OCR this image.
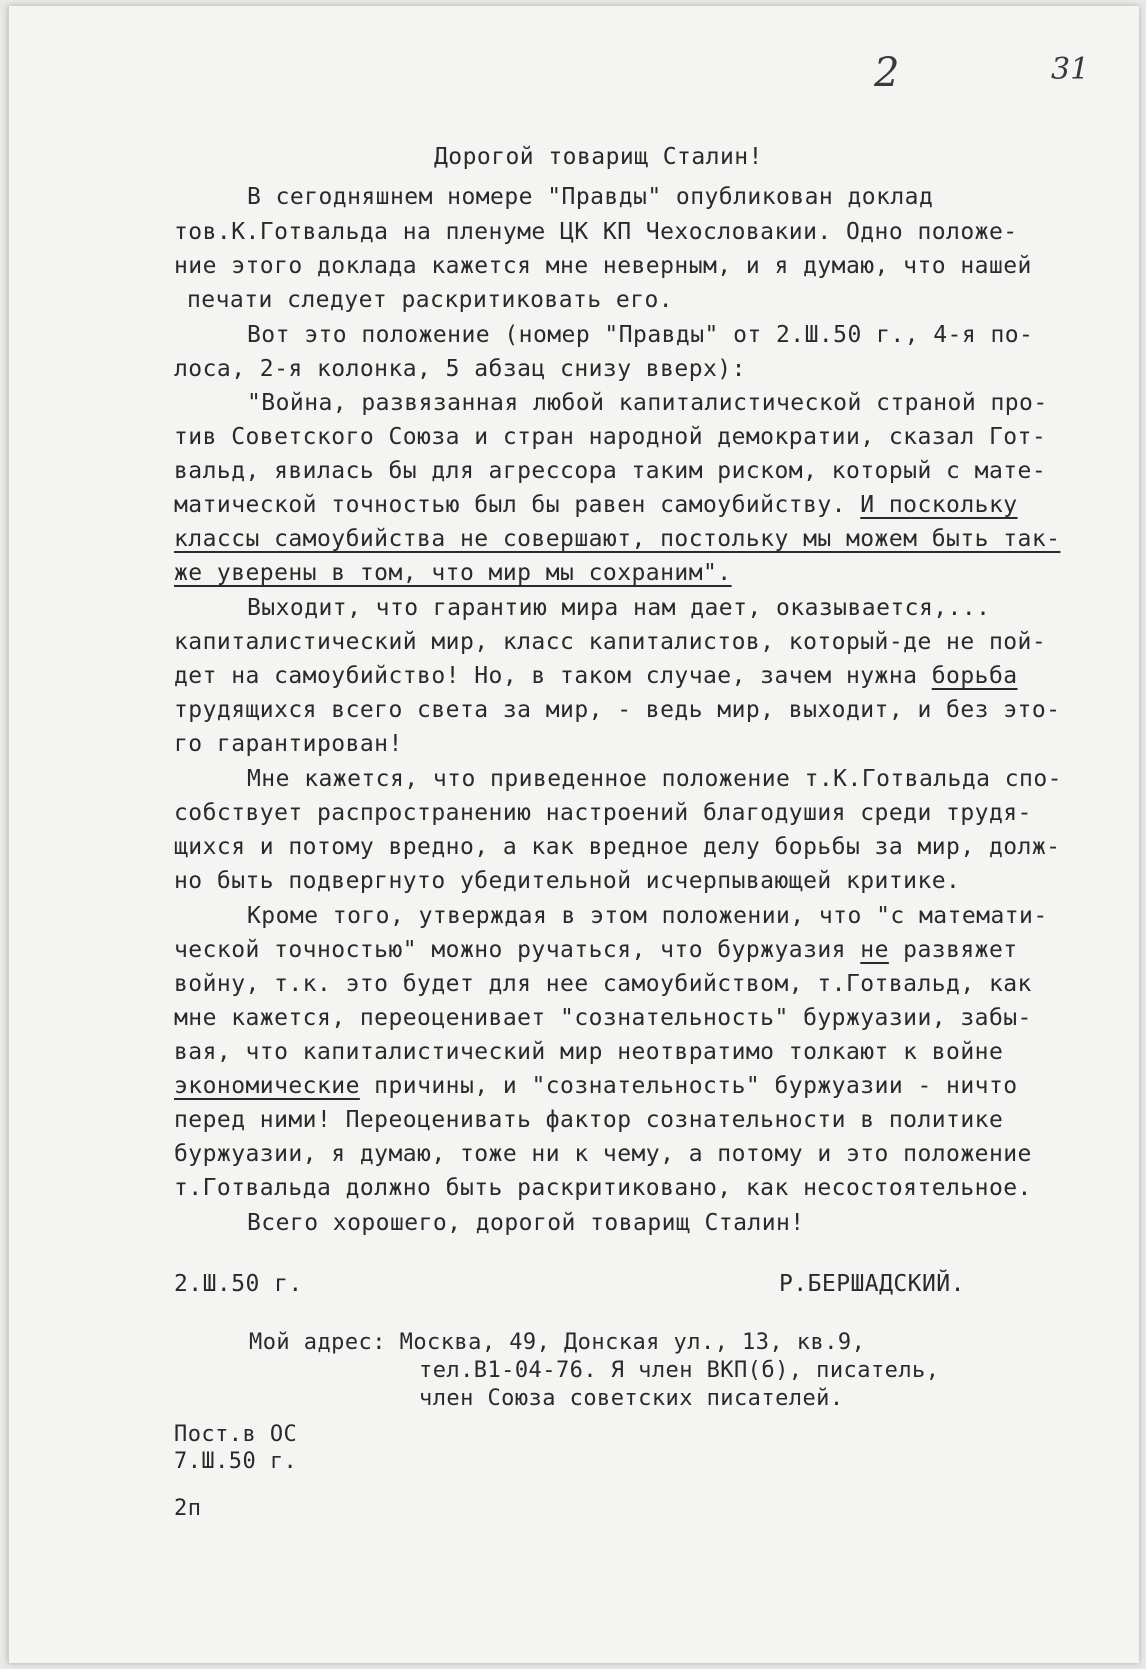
2	31
Дорогой товарищ Сталин!
В сегодняшнем номере "Правды" опубликован доклад
тов.К.Готвальда на пленуме ЦК КП Чехословакии. Одно положе-
ние этого доклада кажется мне неверным, и я думаю, что нашей
печати следует раскритиковать его.
Вот это положение (номер "Правды" от 2.Ш.50 г., 4-я по-
лоса, 2-я колонка, 5 абзац снизу вверх):
"Война, развязанная любой капиталистической страной про-
тив Советского Союза и стран народной демократии, сказал Гот-
вальд, явилась бы для агрессора таким риском, который с мате-
матической точностью был бы равен самоубийству. И поскольку
классы самоубийства не совершают, постольку мы можем быть так-
же уверены в том, что мир мы сохраним".
Выходит, что гарантию мира нам дает, оказывается,...
капиталистический мир, класс капиталистов, который-де не пой-
дет на самоубийство! Но, в таком случае, зачем нужна борьба
трудящихся всего света за мир, - ведь мир, выходит, и без это-
го гарантирован!
Мне кажется, что приведенное положение т.К.Готвальда спо-
собствует распространению настроений благодушия среди трудя-
щихся и потому вредно, а как вредное делу борьбы за мир, долж-
но быть подвергнуто убедительной исчерпывающей критике.
Кроме того, утверждая в этом положении, что "с математи-
ческой точностью" можно ручаться, что буржуазия не развяжет
войну, т.к. это будет для нее самоубийством, т.Готвальд, как
мне кажется, переоценивает "сознательность" буржуазии, забы-
вая, что капиталистический мир неотвратимо толкают к войне
экономические причины, и "сознательность" буржуазии - ничто
перед ними! Переоценивать фактор сознательности в политике
буржуазии, я думаю, тоже ни к чему, а потому и это положение
т.Готвальда должно быть раскритиковано, как несостоятельное.
Всего хорошего, дорогой товарищ Сталин!
2.Ш.50 г.	Р.БЕРШАДСКИЙ.
Мой адрес: Москва, 49, Донская ул., 13, кв.9,
тел.В1-04-76. Я член ВКП(б), писатель,
член Союза советских писателей.
Пост.в ОС
7.Ш.50 г.
2п
